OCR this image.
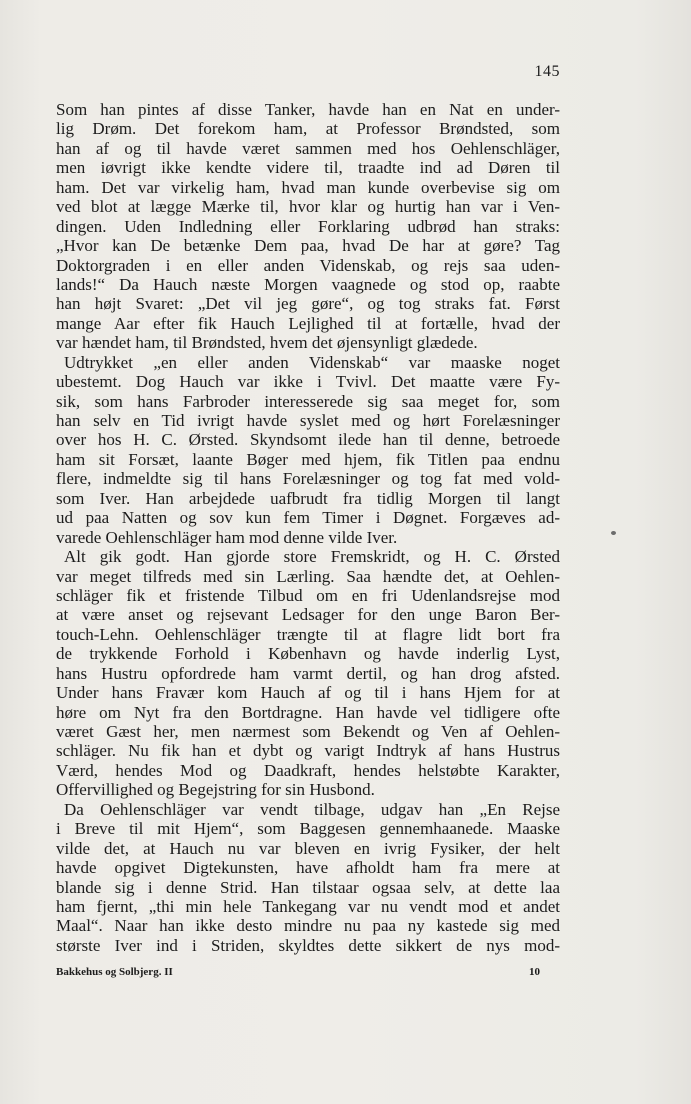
145
Som han pintes af disse Tanker, havde han en Nat en under-
lig Drøm. Det forekom ham, at Professor Brøndsted, som
han af og til havde været sammen med hos Oehlenschläger,
men iøvrigt ikke kendte videre til, traadte ind ad Døren til
ham. Det var virkelig ham, hvad man kunde overbevise sig om
ved blot at lægge Mærke til, hvor klar og hurtig han var i Ven-
dingen. Uden Indledning eller Forklaring udbrød han straks:
„Hvor kan De betænke Dem paa, hvad De har at gøre? Tag
Doktorgraden i en eller anden Videnskab, og rejs saa uden-
lands!“ Da Hauch næste Morgen vaagnede og stod op, raabte
han højt Svaret: „Det vil jeg gøre“, og tog straks fat. Først
mange Aar efter fik Hauch Lejlighed til at fortælle, hvad der
var hændet ham, til Brøndsted, hvem det øjensynligt glædede.
Udtrykket „en eller anden Videnskab“ var maaske noget
ubestemt. Dog Hauch var ikke i Tvivl. Det maatte være Fy-
sik, som hans Farbroder interesserede sig saa meget for, som
han selv en Tid ivrigt havde syslet med og hørt Forelæsninger
over hos H. C. Ørsted. Skyndsomt ilede han til denne, betroede
ham sit Forsæt, laante Bøger med hjem, fik Titlen paa endnu
flere, indmeldte sig til hans Forelæsninger og tog fat med vold-
som Iver. Han arbejdede uafbrudt fra tidlig Morgen til langt
ud paa Natten og sov kun fem Timer i Døgnet. Forgæves ad-
varede Oehlenschläger ham mod denne vilde Iver.
Alt gik godt. Han gjorde store Fremskridt, og H. C. Ørsted
var meget tilfreds med sin Lærling. Saa hændte det, at Oehlen-
schläger fik et fristende Tilbud om en fri Udenlandsrejse mod
at være anset og rejsevant Ledsager for den unge Baron Ber-
touch-Lehn. Oehlenschläger trængte til at flagre lidt bort fra
de trykkende Forhold i København og havde inderlig Lyst,
hans Hustru opfordrede ham varmt dertil, og han drog afsted.
Under hans Fravær kom Hauch af og til i hans Hjem for at
høre om Nyt fra den Bortdragne. Han havde vel tidligere ofte
været Gæst her, men nærmest som Bekendt og Ven af Oehlen-
schläger. Nu fik han et dybt og varigt Indtryk af hans Hustrus
Værd, hendes Mod og Daadkraft, hendes helstøbte Karakter,
Offervillighed og Begejstring for sin Husbond.
Da Oehlenschläger var vendt tilbage, udgav han „En Rejse
i Breve til mit Hjem“, som Baggesen gennemhaanede. Maaske
vilde det, at Hauch nu var bleven en ivrig Fysiker, der helt
havde opgivet Digtekunsten, have afholdt ham fra mere at
blande sig i denne Strid. Han tilstaar ogsaa selv, at dette laa
ham fjernt, „thi min hele Tankegang var nu vendt mod et andet
Maal“. Naar han ikke desto mindre nu paa ny kastede sig med
største Iver ind i Striden, skyldtes dette sikkert de nys mod-
Bakkehus og Solbjerg. II	10
